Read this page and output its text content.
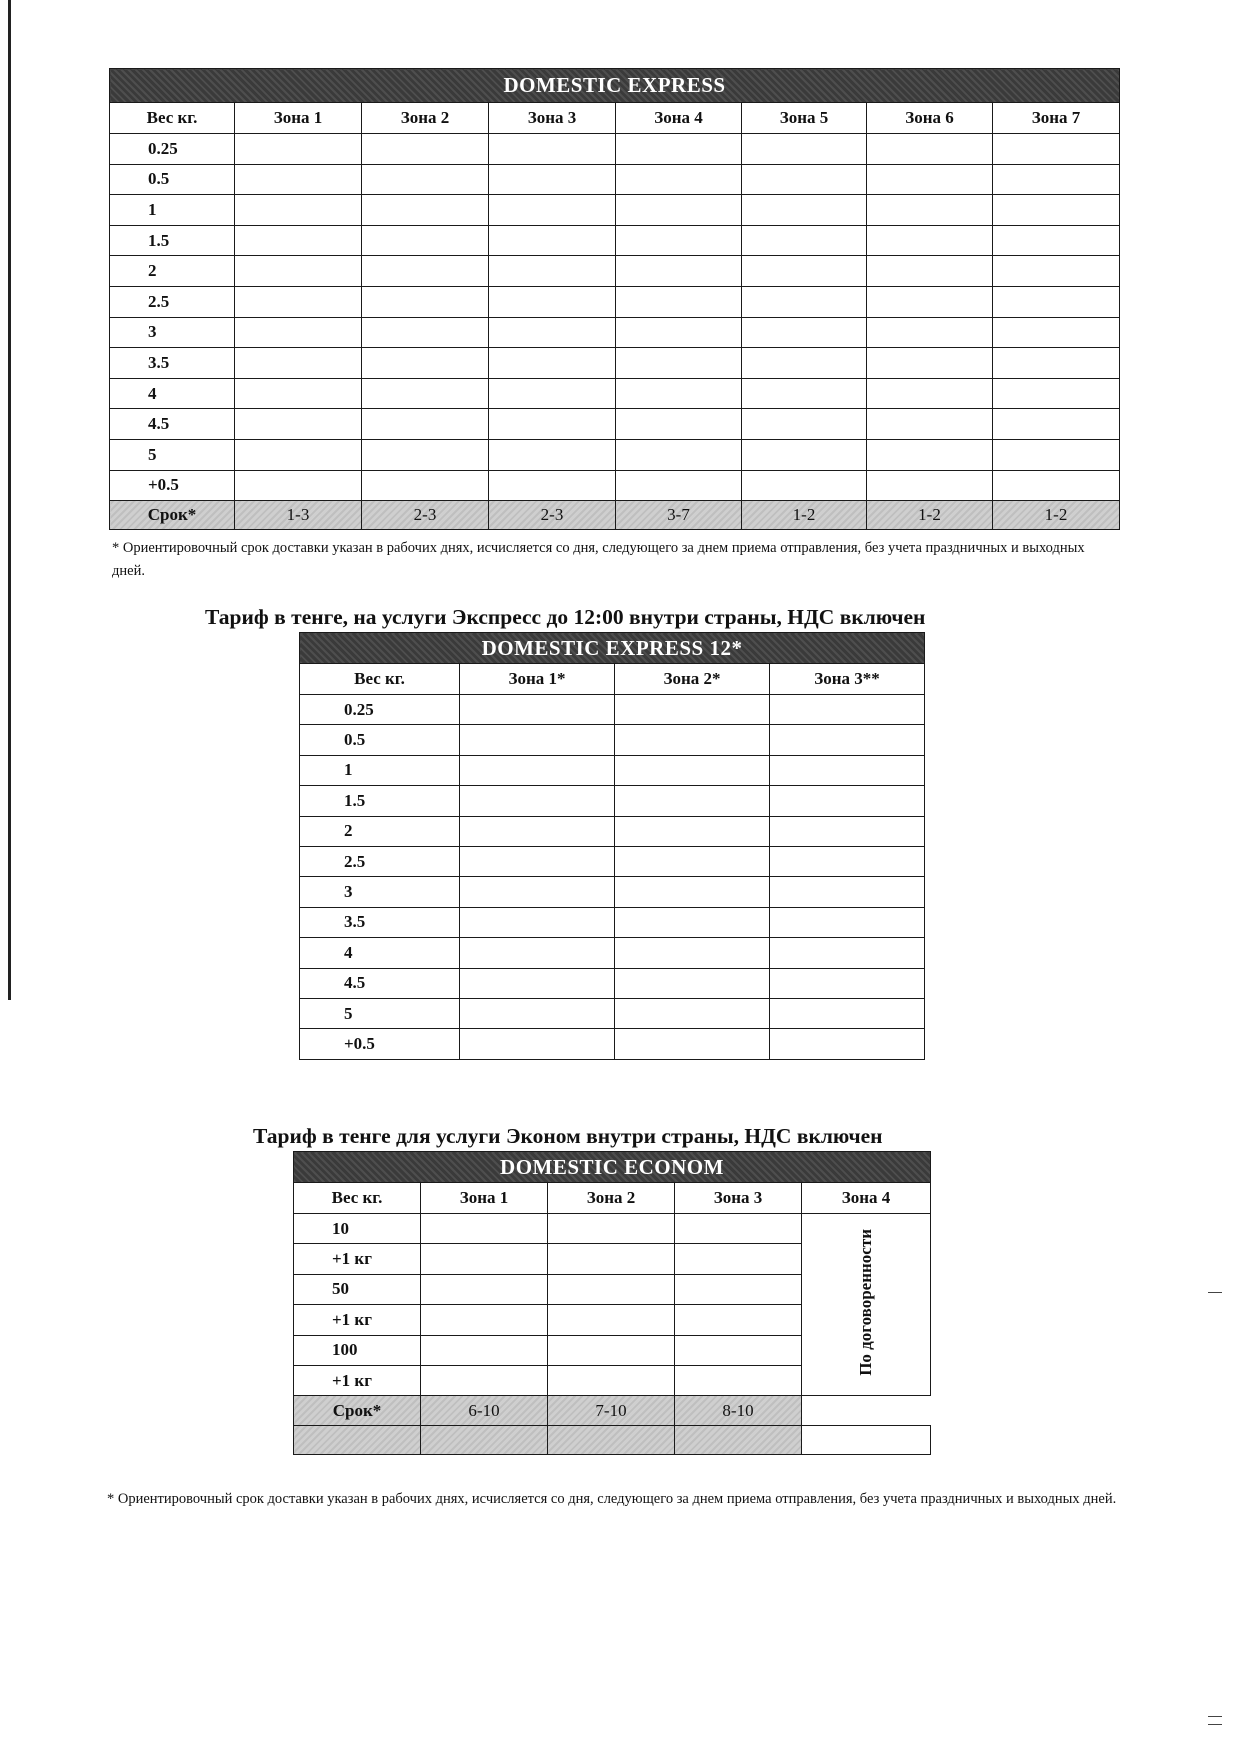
DOMESTIC EXPRESS							
Вес кг.	Зона 1	Зона 2	Зона 3	Зона 4	Зона 5	Зона 6	Зона 7
0.25							
0.5							
1							
1.5							
2							
2.5							
3							
3.5							
4							
4.5							
5							
+0.5							
Срок*	1-3	2-3	2-3	3-7	1-2	1-2	1-2
* Ориентировочный срок доставки указан в рабочих днях, исчисляется со дня, следующего за днем приема отправления, без учета праздничных и выходных дней.
Тариф в тенге, на услуги Экспресс до 12:00 внутри страны, НДС включен
DOMESTIC EXPRESS 12*			
Вес кг.	Зона 1*	Зона 2*	Зона 3**
0.25			
0.5			
1			
1.5			
2			
2.5			
3			
3.5			
4			
4.5			
5			
+0.5			
Тариф в тенге для услуги Эконом внутри страны, НДС включен
DOMESTIC ECONOM				
Вес кг.	Зона 1	Зона 2	Зона 3	Зона 4
10				По договоренности
+1 кг				
50				
+1 кг				
100				
+1 кг				
Срок*	6-10	7-10	8-10	

* Ориентировочный срок доставки указан в рабочих днях, исчисляется со дня, следующего за днем приема отправления, без учета праздничных и выходных дней.
